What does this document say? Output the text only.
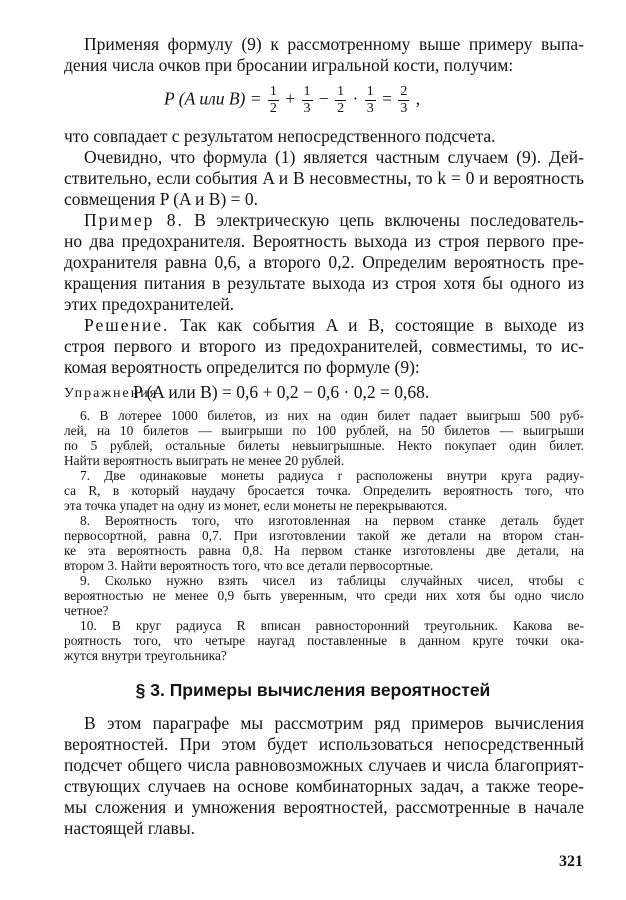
Применяя формулу (9) к рассмотренному выше примеру выпа-
дения числа очков при бросании игральной кости, получим:
P (A или $B) = \frac{1}{2} + \frac{1}{3} - \frac{1}{2} \cdot \frac{1}{3} = \frac{2}{3}$ ,
что совпадает с результатом непосредственного подсчета.
Очевидно, что формула (1) является частным случаем (9). Дей-
ствительно, если события A и B несовместны, то k = 0 и вероятность
совмещения P (A и B) = 0.
Пример 8. В электрическую цепь включены последователь-
но два предохранителя. Вероятность выхода из строя первого пре-
дохранителя равна 0,6, а второго 0,2. Определим вероятность пре-
кращения питания в результате выхода из строя хотя бы одного из
этих предохранителей.
Решение. Так как события A и B, состоящие в выходе из
строя первого и второго из предохранителей, совместимы, то ис-
комая вероятность определится по формуле (9):
P (A или B) = 0,6 + 0,2 − 0,6 · 0,2 = 0,68.
Упражнения
6. В лотерее 1000 билетов, из них на один билет падает выигрыш 500 руб-
лей, на 10 билетов — выигрыши по 100 рублей, на 50 билетов — выигрыши
по 5 рублей, остальные билеты невыигрышные. Некто покупает один билет.
Найти вероятность выиграть не менее 20 рублей.
7. Две одинаковые монеты радиуса r расположены внутри круга радиу-
са R, в который наудачу бросается точка. Определить вероятность того, что
эта точка упадет на одну из монет, если монеты не перекрываются.
8. Вероятность того, что изготовленная на первом станке деталь будет
первосортной, равна 0,7. При изготовлении такой же детали на втором стан-
ке эта вероятность равна 0,8. На первом станке изготовлены две детали, на
втором 3. Найти вероятность того, что все детали первосортные.
9. Сколько нужно взять чисел из таблицы случайных чисел, чтобы с
вероятностью не менее 0,9 быть уверенным, что среди них хотя бы одно число
четное?
10. В круг радиуса R вписан равносторонний треугольник. Какова ве-
роятность того, что четыре наугад поставленные в данном круге точки ока-
жутся внутри треугольника?
§ 3. Примеры вычисления вероятностей
В этом параграфе мы рассмотрим ряд примеров вычисления
вероятностей. При этом будет использоваться непосредственный
подсчет общего числа равновозможных случаев и числа благоприят-
ствующих случаев на основе комбинаторных задач, а также теоре-
мы сложения и умножения вероятностей, рассмотренные в начале
настоящей главы.
321
